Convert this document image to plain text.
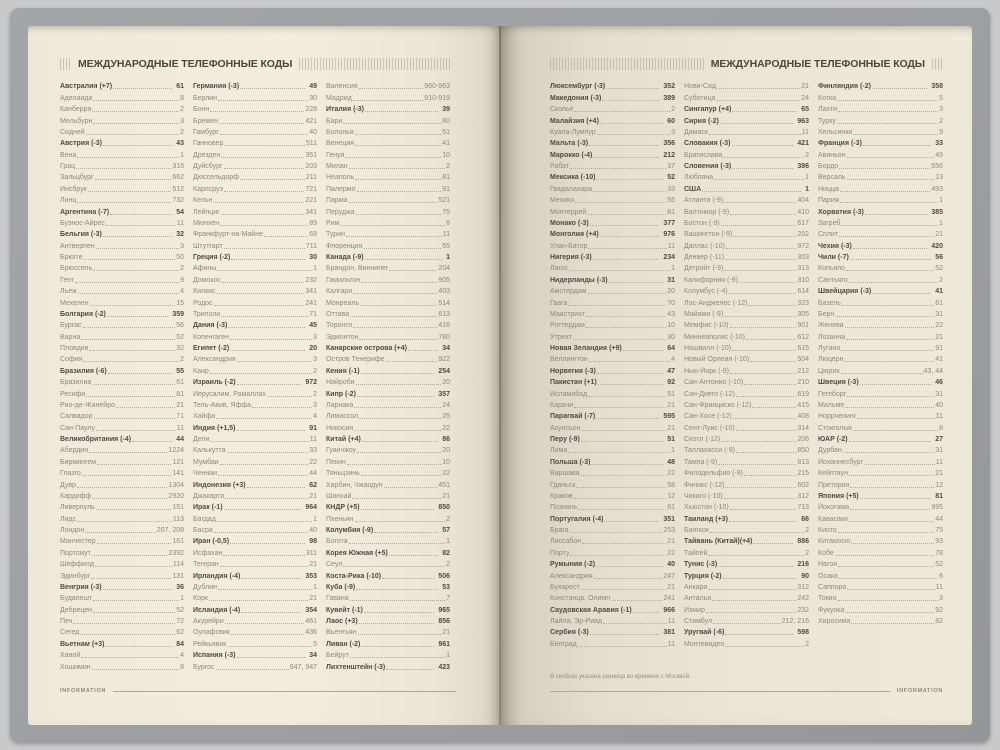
МЕЖДУНАРОДНЫЕ ТЕЛЕФОННЫЕ КОДЫ
Австралия (+7)	61
Аделаида	8
Канберра	2
Мельбурн	3
Сидней	2
Австрия (-3)	43
Вена	1
Грац	316
Зальцбург	662
Инсбрук	512
Линц	732
Аргентина (-7)	54
Буэнос-Айрес	11
Бельгия (-3)	32
Антверпен	3
Брюгге	50
Брюссель	2
Гент	9
Льеж	4
Мехелен	15
Болгария (-2)	359
Бургас	56
Варна	52
Пловдив	32
София	2
Бразилия (-6)	55
Бразилиа	61
Ресифи	81
Рио-де-Жанейро	21
Салвадор	71
Сан-Паулу	11
Великобритания (-4)	44
Абердин	1224
Бирмингем	121
Глазго	141
Дувр	1304
Кардифф	2920
Ливерпуль	151
Лидс	113
Лондон	207, 208
Манчестер	161
Портсмут	2392
Шеффилд	114
Эдинбург	131
Венгрия (-3)	36
Будапешт	1
Дебрецен	52
Печ	72
Сегед	62
Вьетнам (+3)	84
Ханой	4
Хошимин	8
Германия (-3)	49
Берлин	30
Бонн	228
Бремен	421
Гамбург	40
Ганновер	511
Дрезден	351
Дуйсбург	203
Дюссельдорф	211
Карлсруэ	721
Кельн	221
Лейпциг	341
Мюнхен	89
Франкфурт-на-Майне	69
Штутгарт	711
Греция (-2)	30
Афины	1
Домокос	232
Килкис	341
Родос	241
Триполи	71
Дания (-3)	45
Копенгаген	3
Египет (-2)	20
Александрия	3
Каир	2
Израиль (-2)	972
Иерусалим, Рамаллах	2
Тель-Авив, Яффа	3
Хайфа	4
Индия (+1,5)	91
Дели	11
Калькутта	33
Мумбаи	22
Ченнаи	44
Индонезия (+3)	62
Джакарта	21
Ирак (-1)	964
Багдад	1
Басра	40
Иран (-0,5)	98
Исфахан	311
Тегеран	21
Ирландия (-4)	353
Дублин	1
Корк	21
Исландия (-4)	354
Акурейри	461
Оулафсвик	436
Рейкьявик	5
Испания (-3)	34
Бургос	847, 947
Валенсия	960-963
Мадрид	910-919
Италия (-3)	39
Бари	80
Болонья	51
Венеция	41
Генуя	10
Милан	2
Неаполь	81
Палермо	91
Парма	521
Перуджа	75
Рим	6
Турин	11
Флоренция	55
Канада (-9)	1
Брандон, Виннипег	204
Гамильтон	905
Калгари	403
Монреаль	514
Оттава	613
Торонто	416
Эдмонтон	780
Канарские острова (+4)	34
Остров Тенерифе	922
Кения (-1)	254
Найроби	20
Кипр (-2)	357
Ларнака	24
Лимассол	25
Никосия	22
Китай (+4)	86
Гуанчжоу	20
Пекин	10
Тяньцзинь	22
Харбин, Чжаодун	451
Шанхай	21
КНДР (+5)	850
Пхеньян	2
Колумбия (-9)	57
Богота	1
Корея Южная (+5)	82
Сеул	2
Коста-Рика (-10)	506
Куба (-9)	53
Гавана	7
Кувейт (-1)	965
Лаос (+3)	856
Вьентьян	21
Ливан (-2)	961
Бейрут	1
Лихтенштейн (-3)	423
INFORMATION
МЕЖДУНАРОДНЫЕ ТЕЛЕФОННЫЕ КОДЫ
Люксембург (-3)	352
Македония (-3)	389
Скопье	2
Малайзия (+4)	60
Куала-Лумпур	3
Мальта (-3)	356
Марокко (-4)	212
Рабат	37
Мексика (-10)	52
Гвадалахара	33
Мехико	55
Монтеррей	81
Монако (-3)	377
Монголия (+4)	976
Улан-Батор	11
Нигерия (-3)	234
Лагос	1
Нидерланды (-3)	31
Амстердам	20
Гаага	70
Маастрихт	43
Роттердам	10
Утрехт	30
Новая Зеландия (+9)	64
Веллингтон	4
Норвегия (-3)	47
Пакистан (+1)	92
Исламабад	51
Карачи	21
Парагвай (-7)	595
Асунсьон	21
Перу (-9)	51
Лима	1
Польша (-3)	48
Варшава	22
Гданьск	58
Краков	12
Познань	61
Португалия (-4)	351
Брага	253
Лиссабон	21
Порту	22
Румыния (-2)	40
Александрия	247
Бухарест	21
Констанца, Олимп	241
Саудовская Аравия (-1)	966
Лайла, Эр-Рияд	11
Сербия (-3)	381
Белград	11
Нови-Сад	21
Суботица	24
Сингапур (+4)	65
Сирия (-2)	963
Дамаск	11
Словакия (-3)	421
Братислава	2
Словения (-3)	386
Любляна	1
США	1
Атланта (-9)	404
Балтимор (-9)	410
Бостон (-9)	617
Вашингтон (-9)	202
Даллас (-10)	972
Денвер (-11)	303
Детройт (-9)	313
Калифорния (-9)	310
Колумбус (-4)	614
Лос-Анджелес (-12)	323
Майами (-9)	305
Мемфис (-10)	901
Миннеаполис (-10)	612
Нашвилл (-10)	615
Новый Орлеан (-10)	504
Нью-Йорк (-9)	212
Сан-Антонио (-10)	210
Сан-Диего (-12)	619
Сан-Франциско (-12)	415
Сан-Хосе (-12)	408
Сент-Луис (-10)	314
Сиэтл (-12)	206
Таллахасси (-9)	850
Тампа (-9)	813
Филадельфия (-9)	215
Финикс (-12)	602
Чикаго (-10)	312
Хьюстон (-10)	713
Таиланд (+3)	66
Бангкок	2
Тайвань (Китай)(+4)	886
Тайпей	2
Тунис (-3)	216
Турция (-2)	90
Анкара	312
Анталья	242
Измир	232
Стамбул	212, 216
Уругвай (-6)	598
Монтевидео	2
Финляндия (-2)	358
Котка	5
Лахти	3
Турку	2
Хельсинки	9
Франция (-3)	33
Авиньон	49
Бордо	556
Версаль	13
Ницца	493
Париж	1
Хорватия (-3)	385
Загреб	1
Сплит	21
Чехия (-3)	420
Чили (-7)	56
Копьяпо	52
Сантьяго	2
Швейцария (-3)	41
Базель	61
Берн	31
Женева	22
Лозанна	21
Лугано	91
Люцерн	41
Цюрих	43, 44
Швеция (-3)	46
Гетеборг	31
Мальме	40
Норрчепинг	11
Стокгольм	8
ЮАР (-2)	27
Дурбан	31
Йоханнесбург	11
Кейптаун	21
Претория	12
Япония (+5)	81
Йокогама	995
Кавасаки	44
Киото	75
Китакюсю	93
Кобе	78
Нагоя	52
Осака	6
Саппоро	11
Токио	3
Фукуока	92
Хиросима	82
В скобках указана разница во времени с Москвой.
INFORMATION
